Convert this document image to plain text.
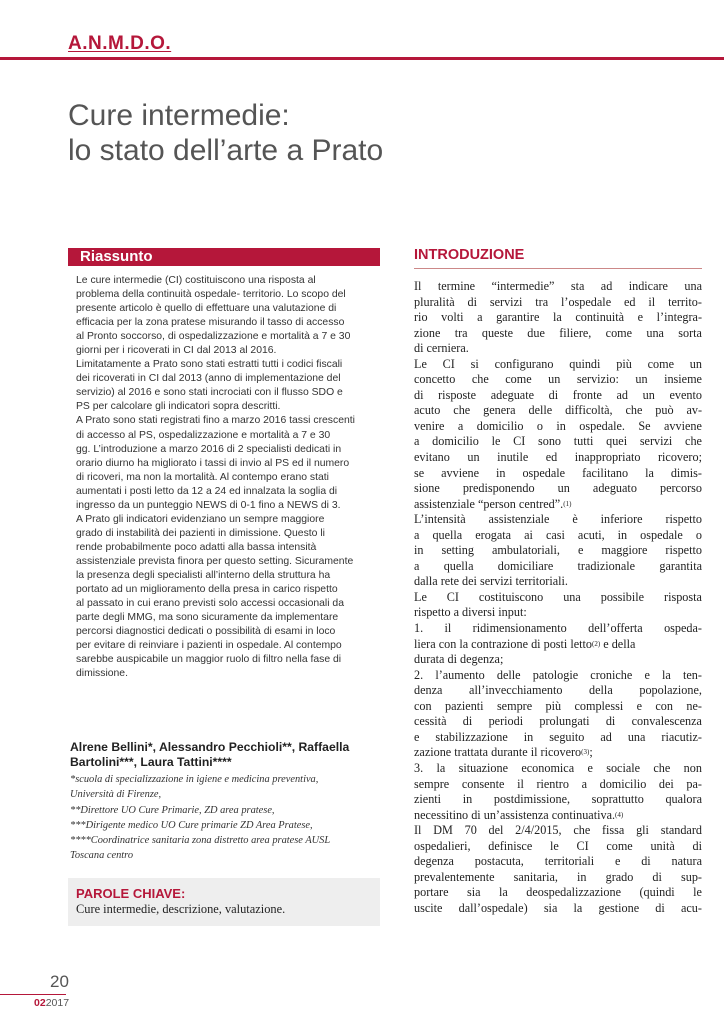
A.N.M.D.O.
Cure intermedie:
lo stato dell’arte a Prato
Riassunto

Le cure intermedie (CI) costituiscono una risposta al

problema della continuità ospedale- territorio. Lo scopo del

presente articolo è quello di effettuare una valutazione di

efficacia per la zona pratese misurando il tasso di accesso

al Pronto soccorso, di ospedalizzazione e mortalità a 7 e 30

giorni per i ricoverati in CI dal 2013 al 2016.

Limitatamente a Prato sono stati estratti tutti i codici fiscali

dei ricoverati in CI dal 2013 (anno di implementazione del

servizio) al 2016 e sono stati incrociati con il flusso SDO e

PS per calcolare gli indicatori sopra descritti.

A Prato sono stati registrati fino a marzo 2016 tassi crescenti

di accesso al PS, ospedalizzazione e mortalità a 7 e 30

gg. L’introduzione a marzo 2016 di 2 specialisti dedicati in

orario diurno ha migliorato i tassi di invio al PS ed il numero

di ricoveri, ma non la mortalità. Al contempo erano stati

aumentati i posti letto da 12 a 24 ed innalzata la soglia di

ingresso da un punteggio NEWS di 0-1 fino a NEWS di 3.

A Prato gli indicatori evidenziano un sempre maggiore

grado di instabilità dei pazienti in dimissione. Questo li

rende probabilmente poco adatti alla bassa intensità

assistenziale prevista finora per questo setting. Sicuramente

la presenza degli specialisti all’interno della struttura ha

portato ad un miglioramento della presa in carico rispetto

al passato in cui erano previsti solo accessi occasionali da

parte degli MMG, ma sono sicuramente da implementare

percorsi diagnostici dedicati o possibilità di esami in loco

per evitare di reinviare i pazienti in ospedale. Al contempo

sarebbe auspicabile un maggior ruolo di filtro nella fase di

dimissione.

Alrene Bellini*, Alessandro Pecchioli**, Raffaella
Bartolini***, Laura Tattini****
*scuola di specializzazione in igiene e medicina preventiva,
Università di Firenze,
**Direttore UO Cure Primarie, ZD area pratese,
***Dirigente medico UO Cure primarie ZD Area Pratese,
****Coordinatrice sanitaria zona distretto area pratese AUSL
Toscana centro
PAROLE CHIAVE:
Cure intermedie, descrizione, valutazione.
INTRODUZIONE
Il termine “intermedie” sta ad indicare una
pluralità di servizi tra l’ospedale ed il territo-
rio volti a garantire la continuità e l’integra-
zione tra queste due filiere, come una sorta
di cerniera.
Le CI si configurano quindi più come un
concetto che come un servizio: un insieme
di risposte adeguate di fronte ad un evento
acuto che genera delle difficoltà, che può av-
venire a domicilio o in ospedale. Se avviene
a domicilio le CI sono tutti quei servizi che
evitano un inutile ed inappropriato ricovero;
se avviene in ospedale facilitano la dimis-
sione predisponendo un adeguato percorso
assistenziale “person centred”. (1)
L’intensità assistenziale è inferiore rispetto
a quella erogata ai casi acuti, in ospedale o
in setting ambulatoriali, e maggiore rispetto
a quella domiciliare tradizionale garantita
dalla rete dei servizi territoriali.
Le CI costituiscono una possibile risposta
rispetto a diversi input:
1. il ridimensionamento dell’offerta ospeda-
liera con la contrazione di posti letto (2) e della
durata di degenza;
2. l’aumento delle patologie croniche e la ten-
denza all’invecchiamento della popolazione,
con pazienti sempre più complessi e con ne-
cessità di periodi prolungati di convalescenza
e stabilizzazione in seguito ad una riacutiz-
zazione trattata durante il ricovero (3) ;
3. la situazione economica e sociale che non
sempre consente il rientro a domicilio dei pa-
zienti in postdimissione, soprattutto qualora
necessitino di un’assistenza continuativa. (4)
Il DM 70 del 2/4/2015, che fissa gli standard
ospedalieri, definisce le CI come unità di
degenza postacuta, territoriali e di natura
prevalentemente sanitaria, in grado di sup-
portare sia la deospedalizzazione (quindi le
uscite dall’ospedale) sia la gestione di acu-
20
022017
